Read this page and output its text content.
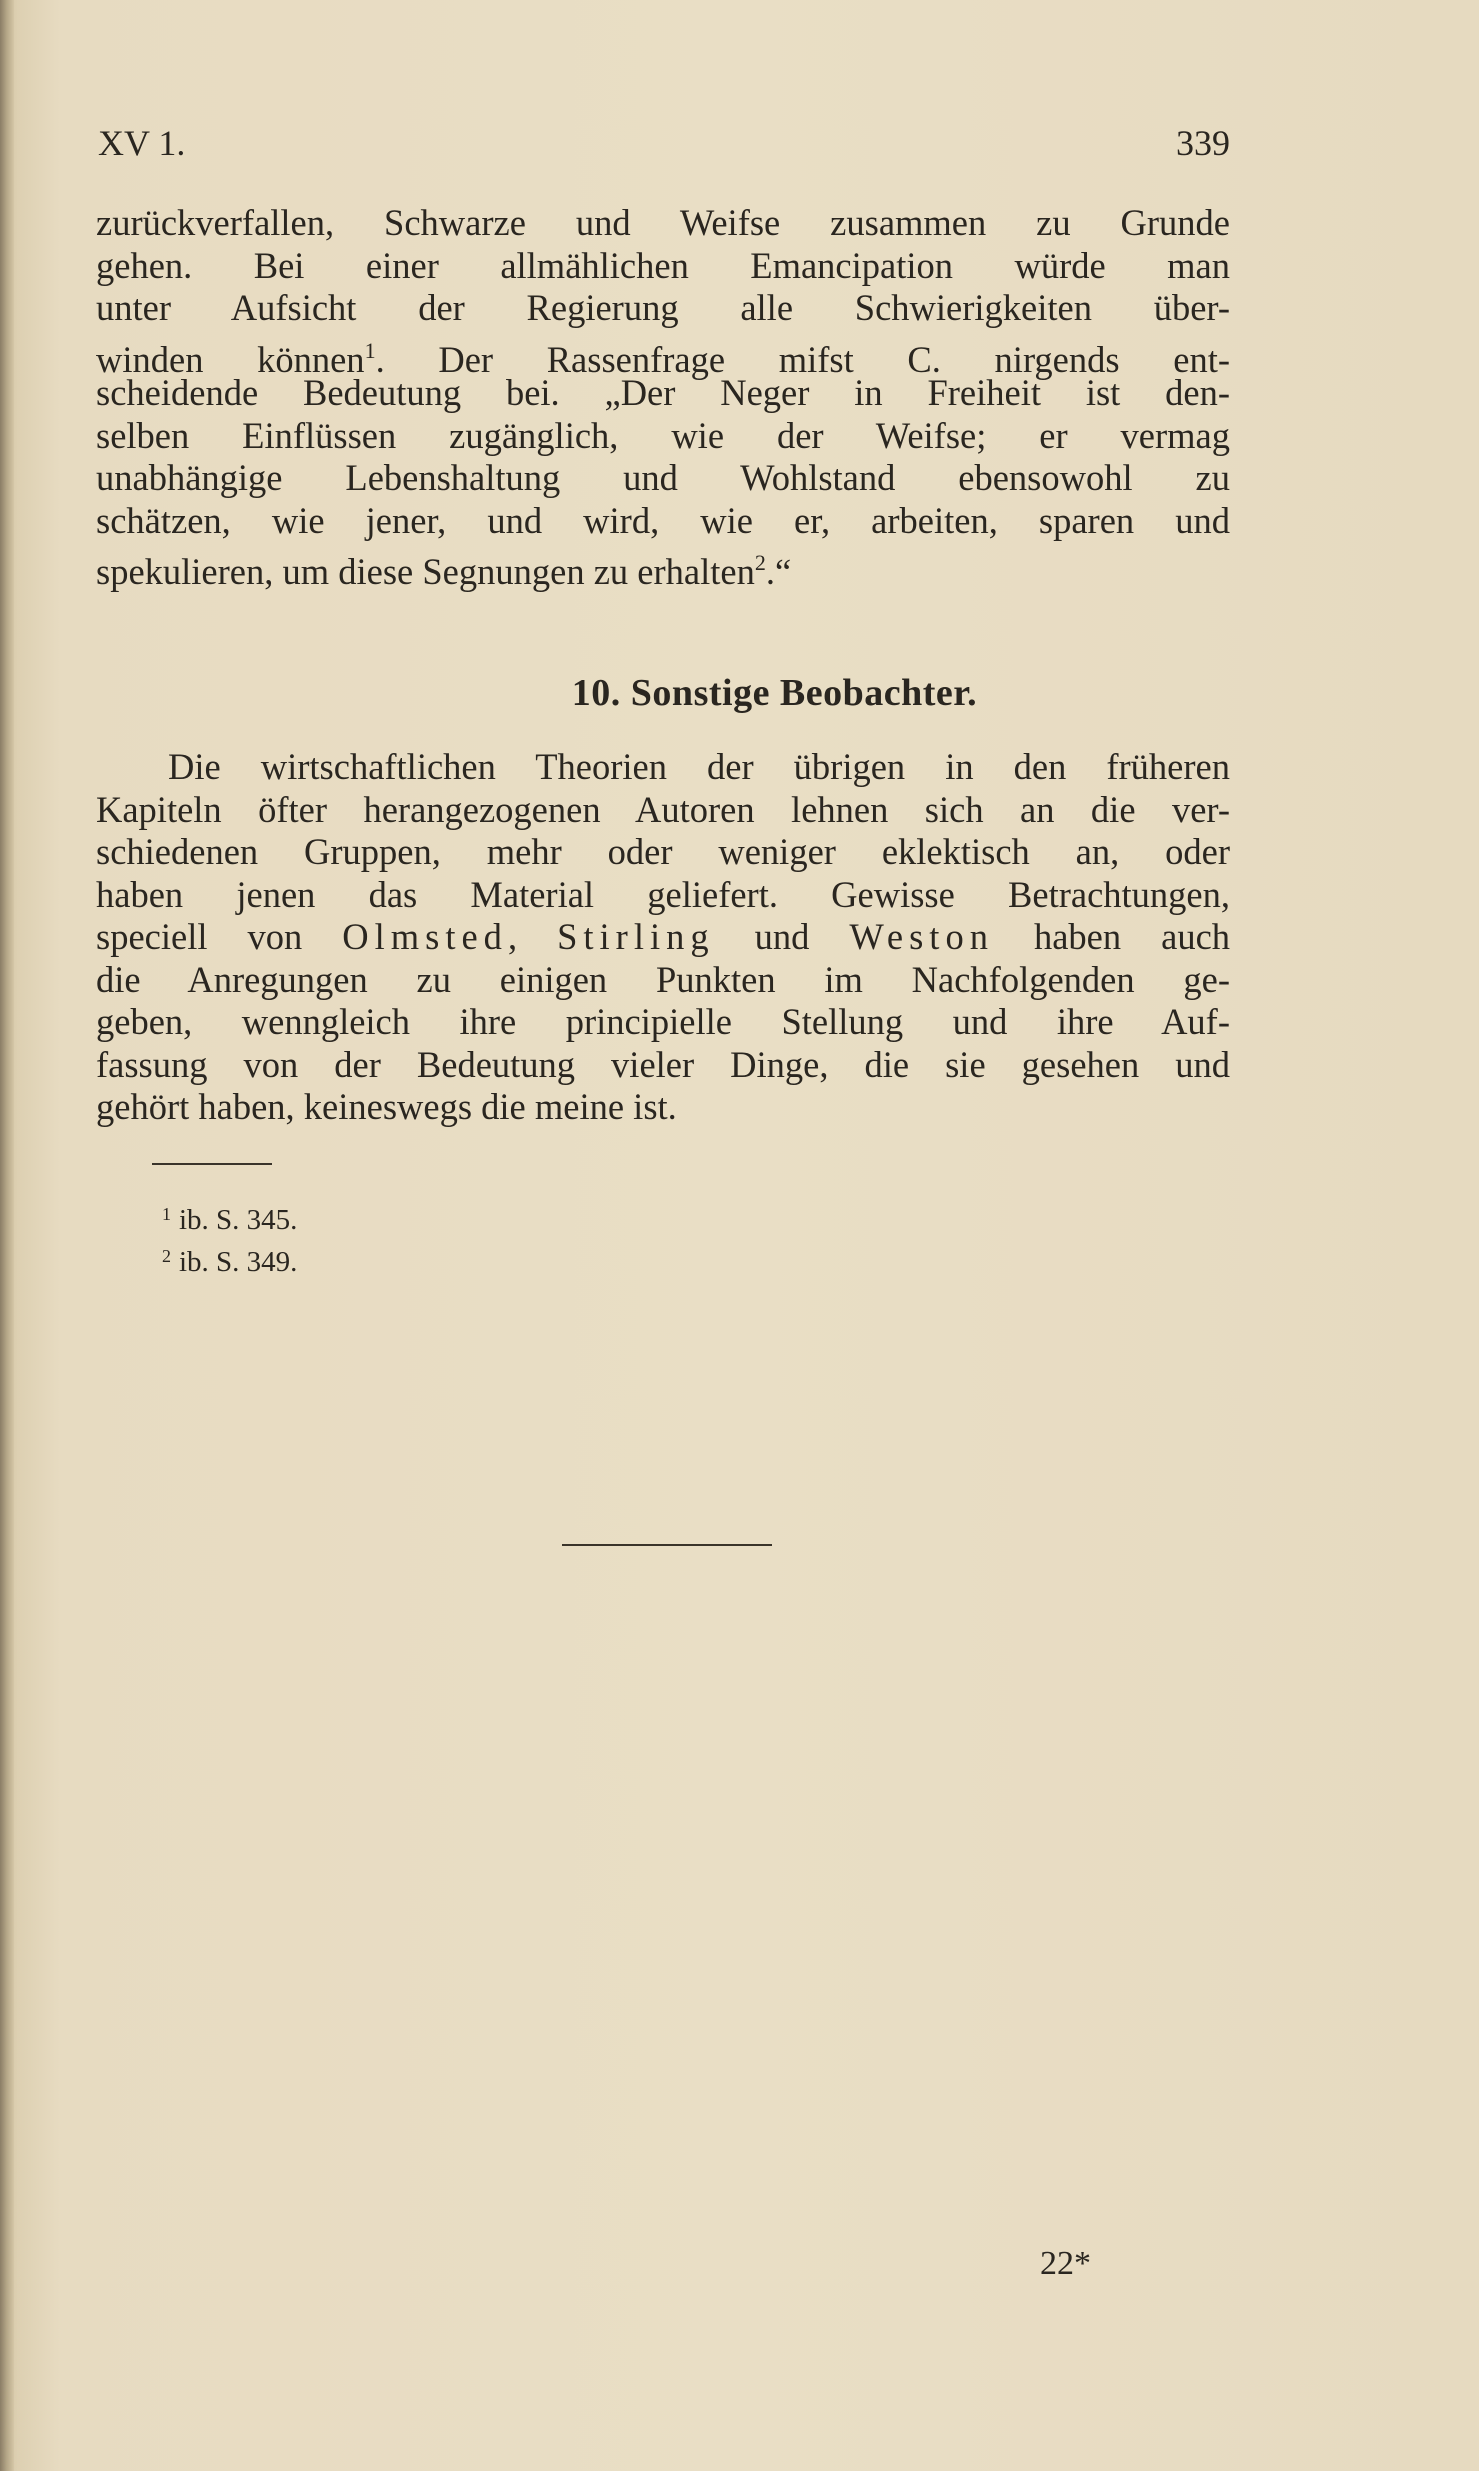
XV 1.	339
zurückverfallen, Schwarze und Weifse zusammen zu Grunde
gehen. Bei einer allmählichen Emancipation würde man
unter Aufsicht der Regierung alle Schwierigkeiten über-
winden können$^1$. Der Rassenfrage mifst C. nirgends ent-
scheidende Bedeutung bei. „Der Neger in Freiheit ist den-
selben Einflüssen zugänglich, wie der Weifse; er vermag
unabhängige Lebenshaltung und Wohlstand ebensowohl zu
schätzen, wie jener, und wird, wie er, arbeiten, sparen und
spekulieren, um diese Segnungen zu erhalten$^2$.“
10. Sonstige Beobachter.
Die wirtschaftlichen Theorien der übrigen in den früheren
Kapiteln öfter herangezogenen Autoren lehnen sich an die ver-
schiedenen Gruppen, mehr oder weniger eklektisch an, oder
haben jenen das Material geliefert. Gewisse Betrachtungen,
speciell von Olmsted, Stirling und Weston haben auch
die Anregungen zu einigen Punkten im Nachfolgenden ge-
geben, wenngleich ihre principielle Stellung und ihre Auf-
fassung von der Bedeutung vieler Dinge, die sie gesehen und
gehört haben, keineswegs die meine ist.
$^1$ ib. S. 345.
$^2$ ib. S. 349.
22*
